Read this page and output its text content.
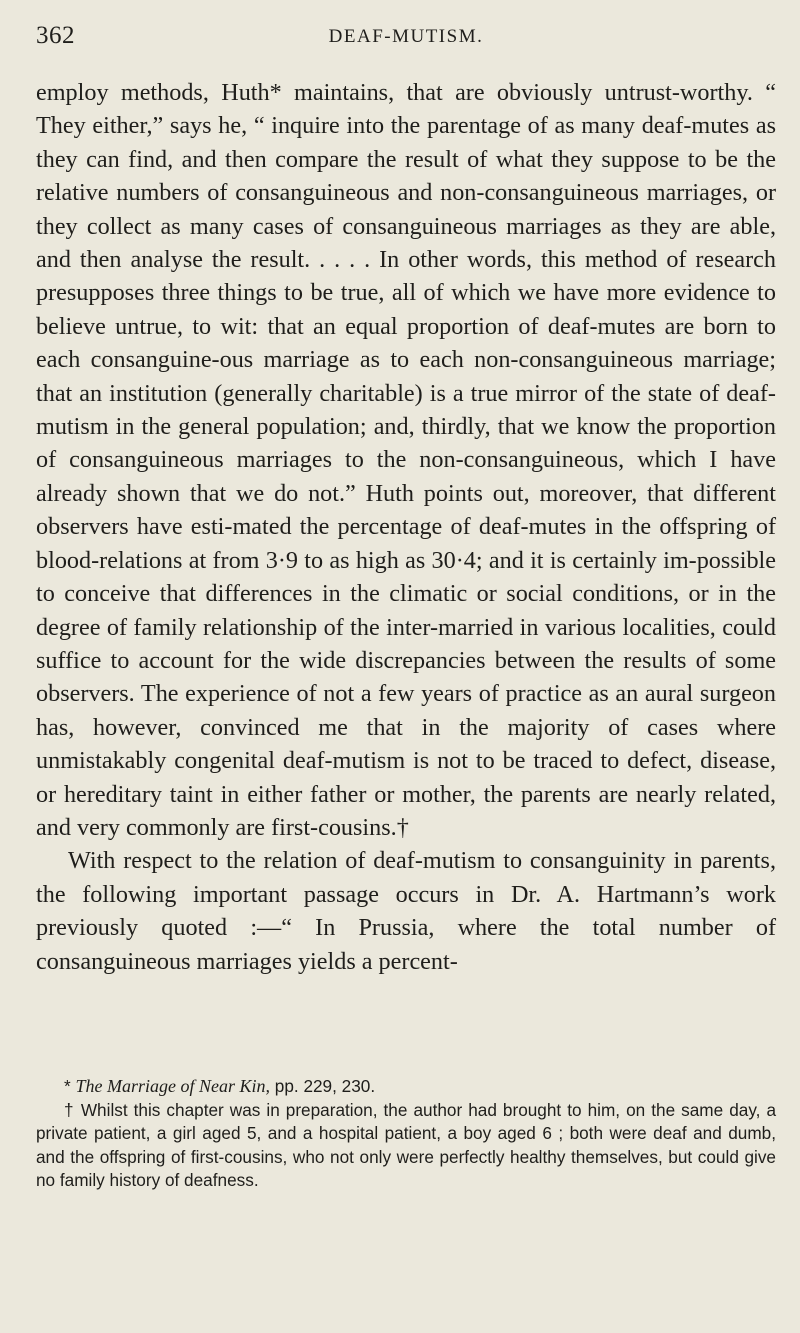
362	DEAF-MUTISM.

employ methods, Huth* maintains, that are obviously untrust-worthy. “ They either,” says he, “ inquire into the parentage of as many deaf-mutes as they can find, and then compare the result of what they suppose to be the relative numbers of consanguineous and non-consanguineous marriages, or they collect as many cases of consanguineous marriages as they are able, and then analyse the result. . . . . In other words, this method of research presupposes three things to be true, all of which we have more evidence to believe untrue, to wit: that an equal proportion of deaf-mutes are born to each consanguine-ous marriage as to each non-consanguineous marriage; that an institution (generally charitable) is a true mirror of the state of deaf-mutism in the general population; and, thirdly, that we know the proportion of consanguineous marriages to the non-consanguineous, which I have already shown that we do not.” Huth points out, moreover, that different observers have esti-mated the percentage of deaf-mutes in the offspring of blood-relations at from 3·9 to as high as 30·4; and it is certainly im-possible to conceive that differences in the climatic or social conditions, or in the degree of family relationship of the inter-married in various localities, could suffice to account for the wide discrepancies between the results of some observers. The experience of not a few years of practice as an aural surgeon has, however, convinced me that in the majority of cases where unmistakably congenital deaf-mutism is not to be traced to defect, disease, or hereditary taint in either father or mother, the parents are nearly related, and very commonly are first-cousins.†

With respect to the relation of deaf-mutism to consanguinity in parents, the following important passage occurs in Dr. A. Hartmann’s work previously quoted :—“ In Prussia, where the total number of consanguineous marriages yields a percent-

* The Marriage of Near Kin, pp. 229, 230.

† Whilst this chapter was in preparation, the author had brought to him, on the same day, a private patient, a girl aged 5, and a hospital patient, a boy aged 6 ; both were deaf and dumb, and the offspring of first-cousins, who not only were perfectly healthy themselves, but could give no family history of deafness.
